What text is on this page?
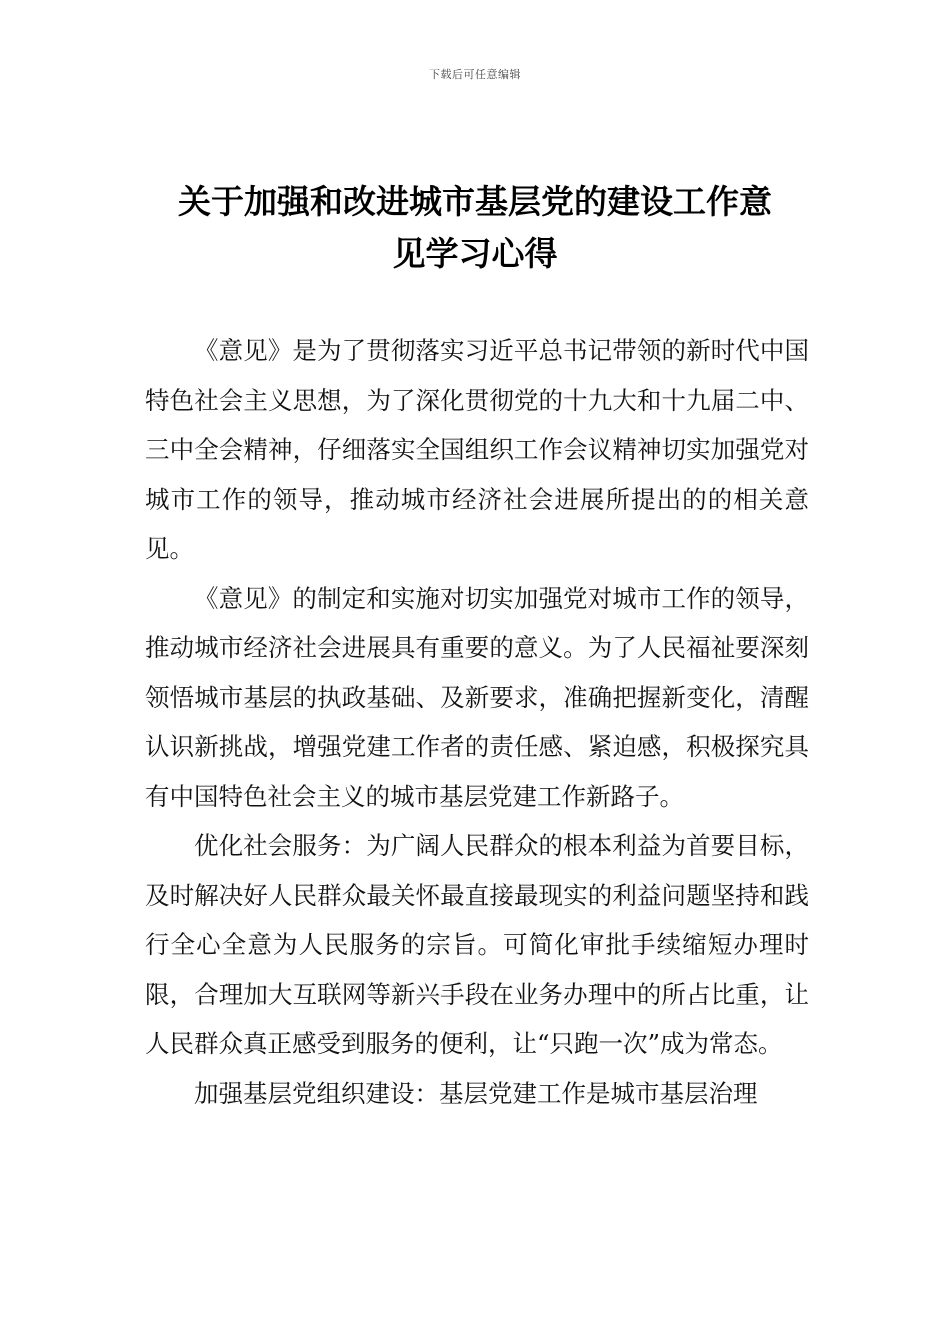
下载后可任意编辑
关于加强和改进城市基层党的建设工作意
见学习心得

《意见》是为了贯彻落实习近平总书记带领的新时代中国特色社会主义思想，为了深化贯彻党的十九大和十九届二中、三中全会精神，仔细落实全国组织工作会议精神切实加强党对城市工作的领导，推动城市经济社会进展所提出的的相关意见。

《意见》的制定和实施对切实加强党对城市工作的领导，推动城市经济社会进展具有重要的意义。为了人民福祉要深刻领悟城市基层的执政基础、及新要求，准确把握新变化，清醒认识新挑战，增强党建工作者的责任感、紧迫感，积极探究具有中国特色社会主义的城市基层党建工作新路子。

优化社会服务：为广阔人民群众的根本利益为首要目标，及时解决好人民群众最关怀最直接最现实的利益问题坚持和践行全心全意为人民服务的宗旨。可简化审批手续缩短办理时限，合理加大互联网等新兴手段在业务办理中的所占比重，让人民群众真正感受到服务的便利，让“只跑一次”成为常态。

加强基层党组织建设：基层党建工作是城市基层治理
